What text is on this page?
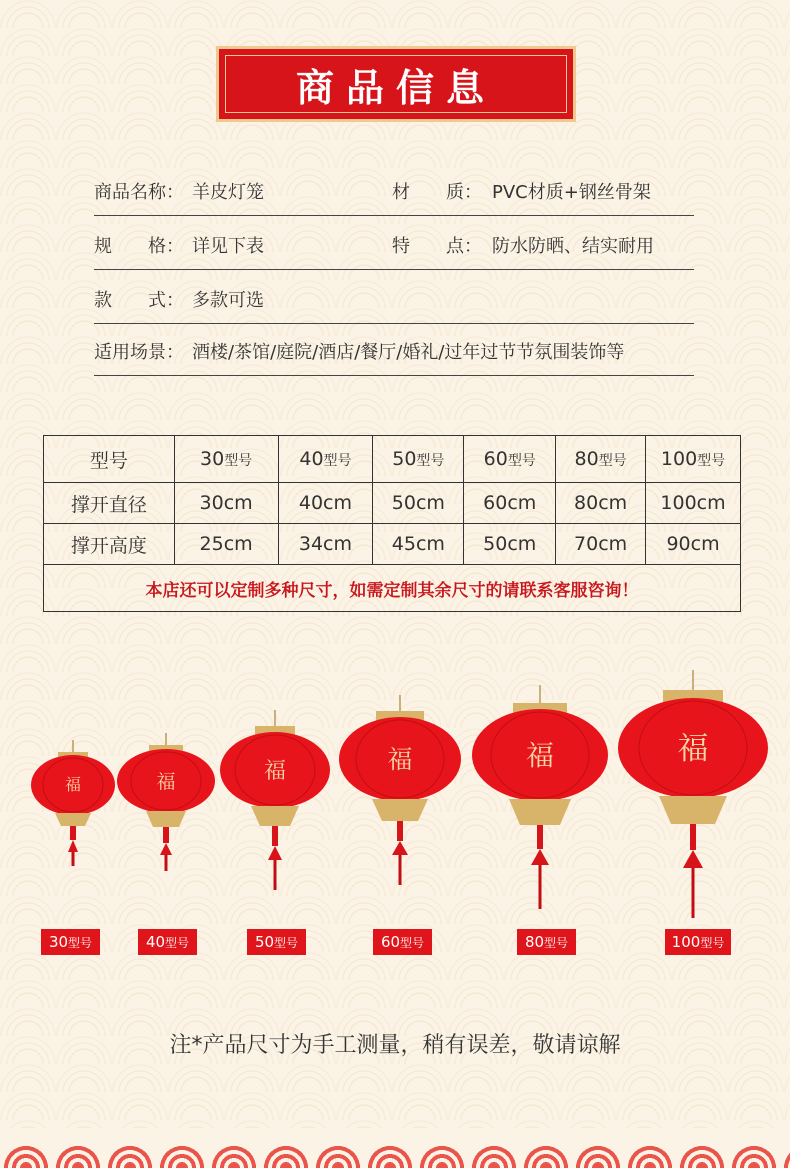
商品信息
商品名称： 羊皮灯笼	材　　质： PVC材质+钢丝骨架
规　　格： 详见下表	特　　点： 防水防晒、结实耐用
款　　式： 多款可选
适用场景： 酒楼/茶馆/庭院/酒店/餐厅/婚礼/过年过节节氛围装饰等
型号	30型号	40型号	50型号	60型号	80型号	100型号
撑开直径	30cm	40cm	50cm	60cm	80cm	100cm
撑开高度	25cm	34cm	45cm	50cm	70cm	90cm
本店还可以定制多种尺寸，如需定制其余尺寸的请联系客服咨询！						
福	福	福	福	福	福
30型号	40型号	50型号	60型号	80型号	100型号
注*产品尺寸为手工测量，稍有误差，敬请谅解
